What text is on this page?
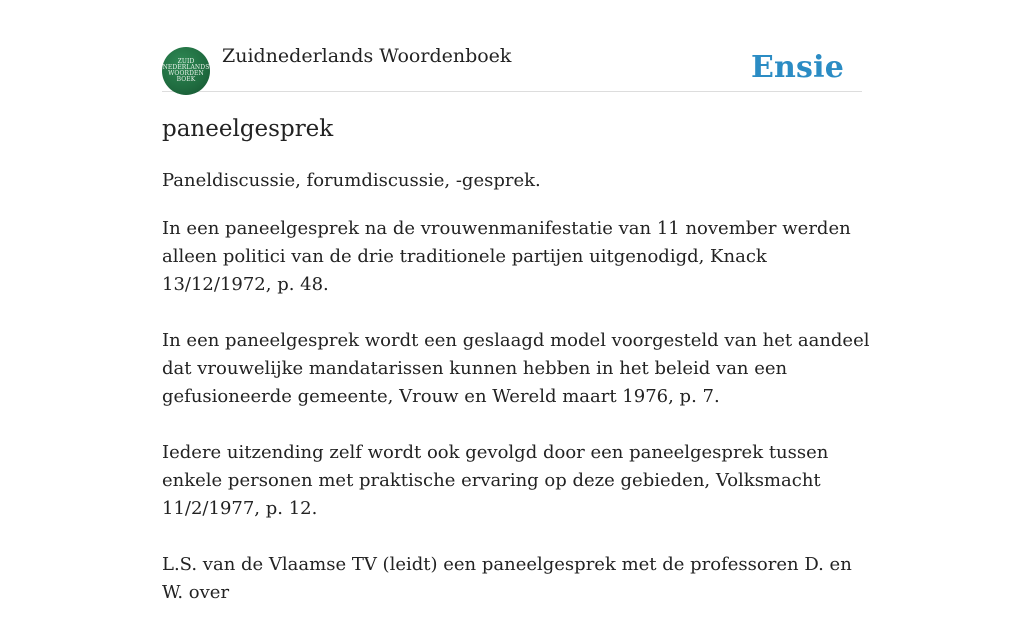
ZUID
NEDERLANDS
WOORDEN
BOEK
Zuidnederlands Woordenboek	Ensie
paneelgesprek

Paneldiscussie, forumdiscussie, -gesprek.

In een paneelgesprek na de vrouwenmanifestatie van 11 november werden alleen politici van de drie traditionele partijen uitgenodigd, Knack 13/12/1972, p. 48.

In een paneelgesprek wordt een geslaagd model voorgesteld van het aandeel dat vrouwelijke mandatarissen kunnen hebben in het beleid van een gefusioneerde gemeente, Vrouw en Wereld maart 1976, p. 7.

Iedere uitzending zelf wordt ook gevolgd door een paneelgesprek tussen enkele personen met praktische ervaring op deze gebieden, Volksmacht 11/2/1977, p. 12.

L.S. van de Vlaamse TV (leidt) een paneelgesprek met de professoren D. en W. over
